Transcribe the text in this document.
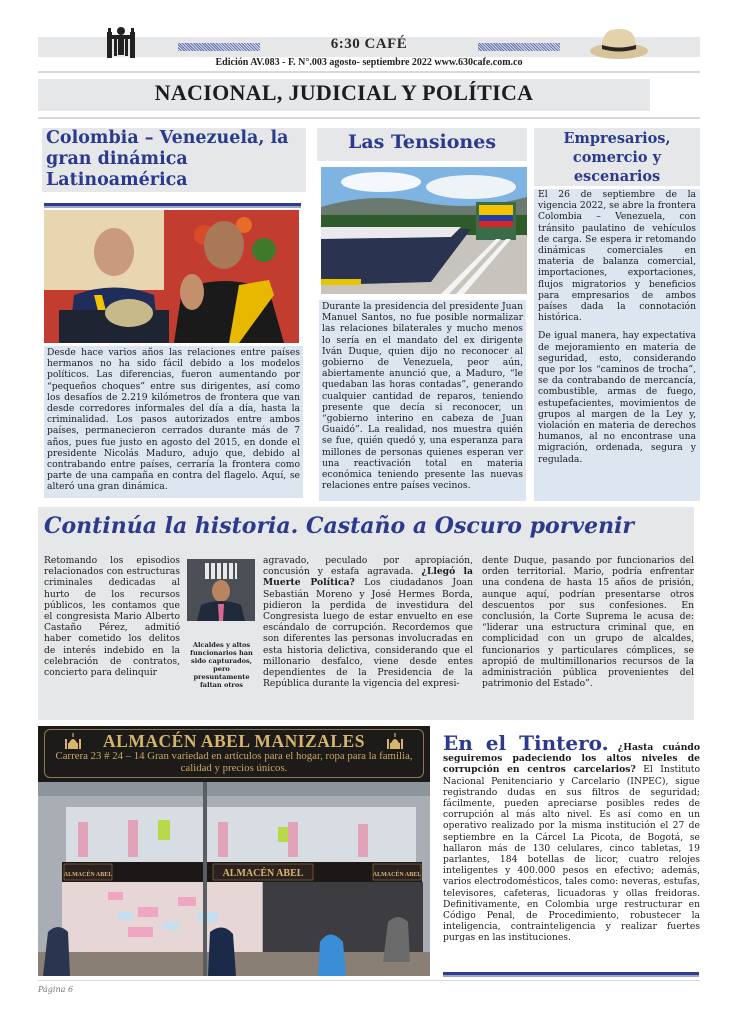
6:30 CAFÉ
Edición AV.083 - F. N°.003 agosto- septiembre 2022 www.630cafe.com.co
NACIONAL, JUDICIAL Y POLÍTICA
Colombia – Venezuela, la gran dinámica Latinoamérica
Desde hace varios años las relaciones entre países hermanos no ha sido fácil debido a los modelos políticos. Las diferencias, fueron aumentando por “pequeños choques” entre sus dirigentes, así como los desafíos de 2.219 kilómetros de frontera que van desde corredores informales del día a día, hasta la criminalidad. Los pasos autorizados entre ambos países, permanecieron cerrados durante más de 7 años, pues fue justo en agosto del 2015, en donde el presidente Nicolás Maduro, adujo que, debido al contrabando entre países, cerraría la frontera como parte de una campaña en contra del flagelo. Aquí, se alteró una gran dinámica.
Las Tensiones
Durante la presidencia del presidente Juan Manuel Santos, no fue posible normalizar las relaciones bilaterales y mucho menos lo sería en el mandato del ex dirigente Iván Duque, quien dijo no reconocer al gobierno de Venezuela, peor aún, abiertamente anunció que, a Maduro, “le quedaban las horas contadas”, generando cualquier cantidad de reparos, teniendo presente que decía si reconocer, un “gobierno interino en cabeza de Juan Guaidó”. La realidad, nos muestra quién se fue, quién quedó y, una esperanza para millones de personas quienes esperan ver una reactivación total en materia económica teniendo presente las nuevas relaciones entre países vecinos.
Empresarios, comercio y escenarios

El 26 de septiembre de la vigencia 2022, se abre la frontera Colombia – Venezuela, con tránsito paulatino de vehículos de carga. Se espera ir retomando dinámicas comerciales en materia de balanza comercial, importaciones, exportaciones, flujos migratorios y beneficios para empresarios de ambos países dada la connotación histórica.

De igual manera, hay expectativa de mejoramiento en materia de seguridad, esto, considerando que por los “caminos de trocha”, se da contrabando de mercancía, combustible, armas de fuego, estupefacientes, movimientos de grupos al margen de la Ley y, violación en materia de derechos humanos, al no encontrase una migración, ordenada, segura y regulada.

Continúa la historia. Castaño a Oscuro porvenir
Retomando los episodios relacionados con estructuras criminales dedicadas al hurto de los recursos públicos, les contamos que el congresista Mario Alberto Castaño Pérez, admitió haber cometido los delitos de interés indebido en la celebración de contratos, concierto para delinquir
Alcaldes y altos funcionarios han sido capturados, pero presuntamente faltan otros
agravado, peculado por apropiación, concusión y estafa agravada. ¿Llegó la Muerte Política? Los ciudadanos Joan Sebastián Moreno y José Hermes Borda, pidieron la perdida de investidura del Congresista luego de estar envuelto en ese escándalo de corrupción. Recordemos que son diferentes las personas involucradas en esta historia delictiva, considerando que el millonario desfalco, viene desde entes dependientes de la Presidencia de la República durante la vigencia del expresi-
dente Duque, pasando por funcionarios del orden territorial. Mario, podría enfrentar una condena de hasta 15 años de prisión, aunque aquí, podrían presentarse otros descuentos por sus confesiones. En conclusión, la Corte Suprema le acusa de: “liderar una estructura criminal que, en complicidad con un grupo de alcaldes, funcionarios y particulares cómplices, se apropió de multimillonarios recursos de la administración pública provenientes del patrimonio del Estado”.
ALMACÉN ABEL MANIZALES
Carrera 23 # 24 – 14 Gran variedad en artículos para el hogar, ropa para la familia, calidad y precios únicos.
ALMACÉN ABEL
ALMACÉN ABEL	ALMACÉN ABEL
En el Tintero. ¿Hasta cuándo seguiremos padeciendo los altos niveles de corrupción en centros carcelarios? El Instituto Nacional Penitenciario y Carcelario (INPEC), sigue registrando dudas en sus filtros de seguridad; fácilmente, pueden apreciarse posibles redes de corrupción al más alto nivel. Es así como en un operativo realizado por la misma institución el 27 de septiembre en la Cárcel La Picota, de Bogotá, se hallaron más de 130 celulares, cinco tabletas, 19 parlantes, 184 botellas de licor, cuatro relojes inteligentes y 400.000 pesos en efectivo; además, varios electrodomésticos, tales como: neveras, estufas, televisores, cafeteras, licuadoras y ollas freidoras. Definitivamente, en Colombia urge restructurar en Código Penal, de Procedimiento, robustecer la inteligencia, contrainteligencia y realizar fuertes purgas en las instituciones.
Página 6
